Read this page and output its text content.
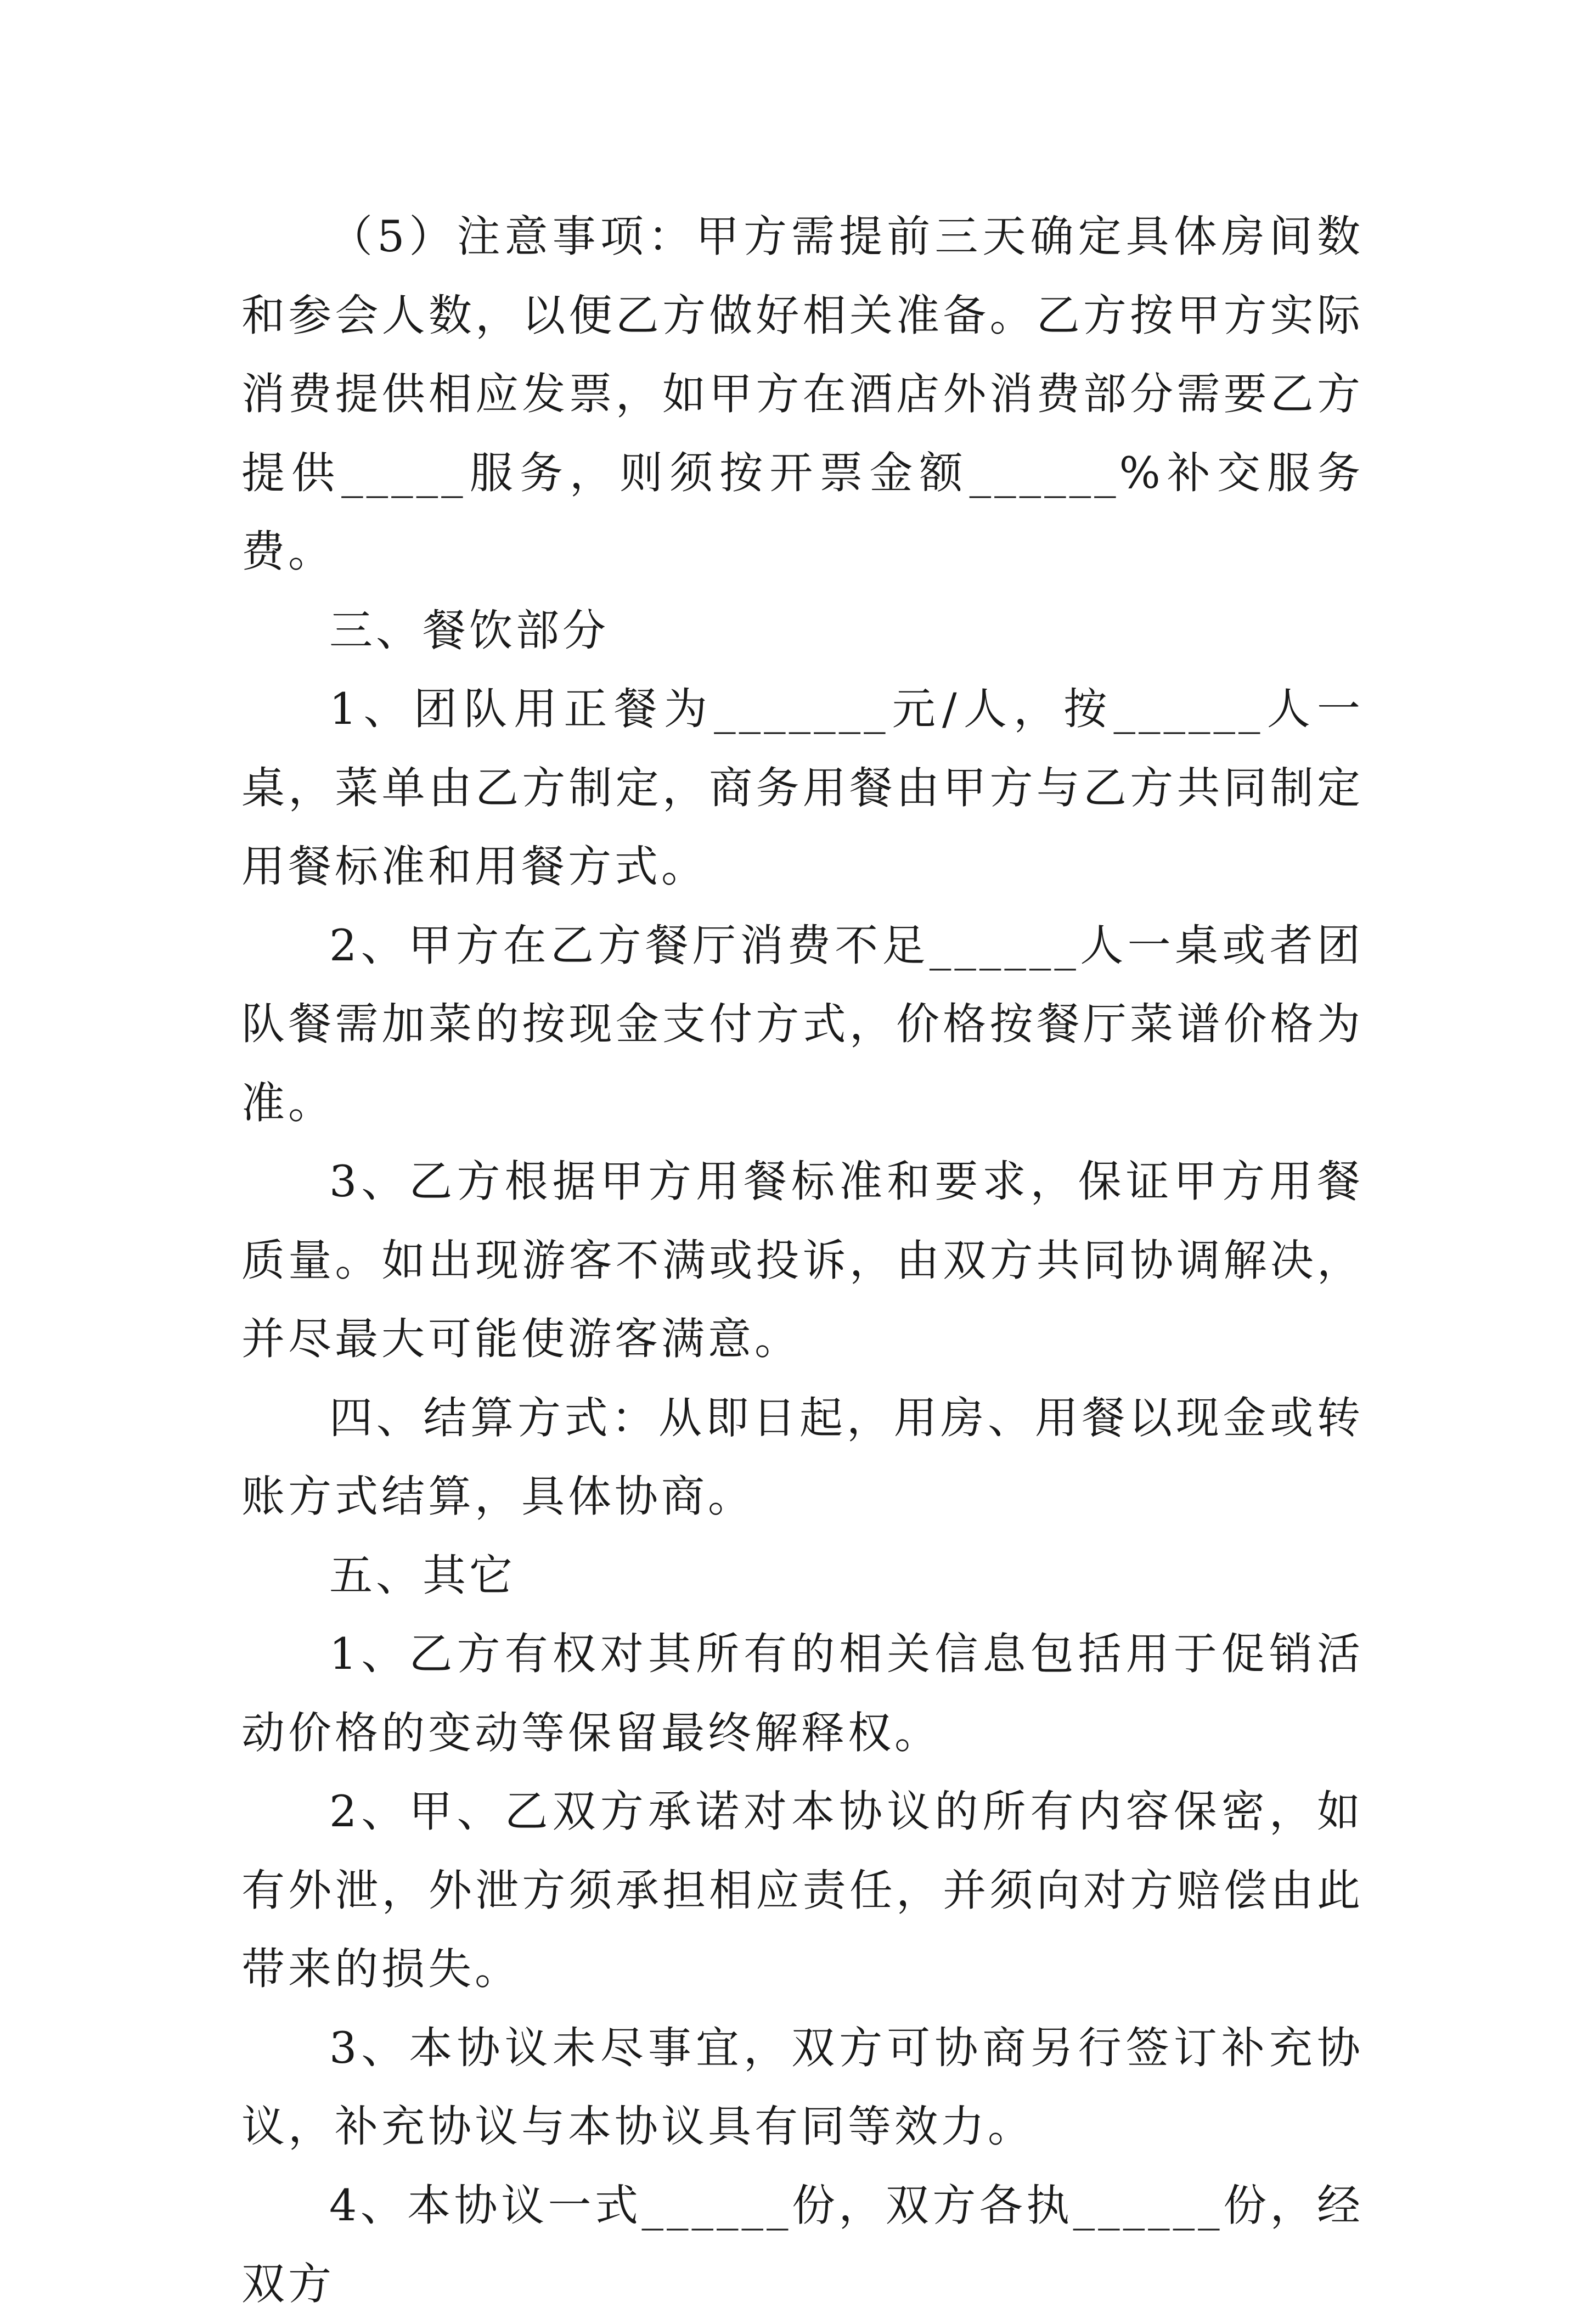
（5）注意事项：甲方需提前三天确定具体房间数和参会人数，以便乙方做好相关准备。乙方按甲方实际消费提供相应发票，如甲方在酒店外消费部分需要乙方提供_____服务，则须按开票金额______%补交服务费。

三、餐饮部分

1、团队用正餐为_______元/人，按______人一桌，菜单由乙方制定，商务用餐由甲方与乙方共同制定用餐标准和用餐方式。

2、甲方在乙方餐厅消费不足______人一桌或者团队餐需加菜的按现金支付方式，价格按餐厅菜谱价格为准。

3、乙方根据甲方用餐标准和要求，保证甲方用餐质量。如出现游客不满或投诉，由双方共同协调解决，并尽最大可能使游客满意。

四、结算方式：从即日起，用房、用餐以现金或转账方式结算，具体协商。

五、其它

1、乙方有权对其所有的相关信息包括用于促销活动价格的变动等保留最终解释权。

2、甲、乙双方承诺对本协议的所有内容保密，如有外泄，外泄方须承担相应责任，并须向对方赔偿由此带来的损失。

3、本协议未尽事宜，双方可协商另行签订补充协议，补充协议与本协议具有同等效力。

4、本协议一式______份，双方各执______份，经双方
